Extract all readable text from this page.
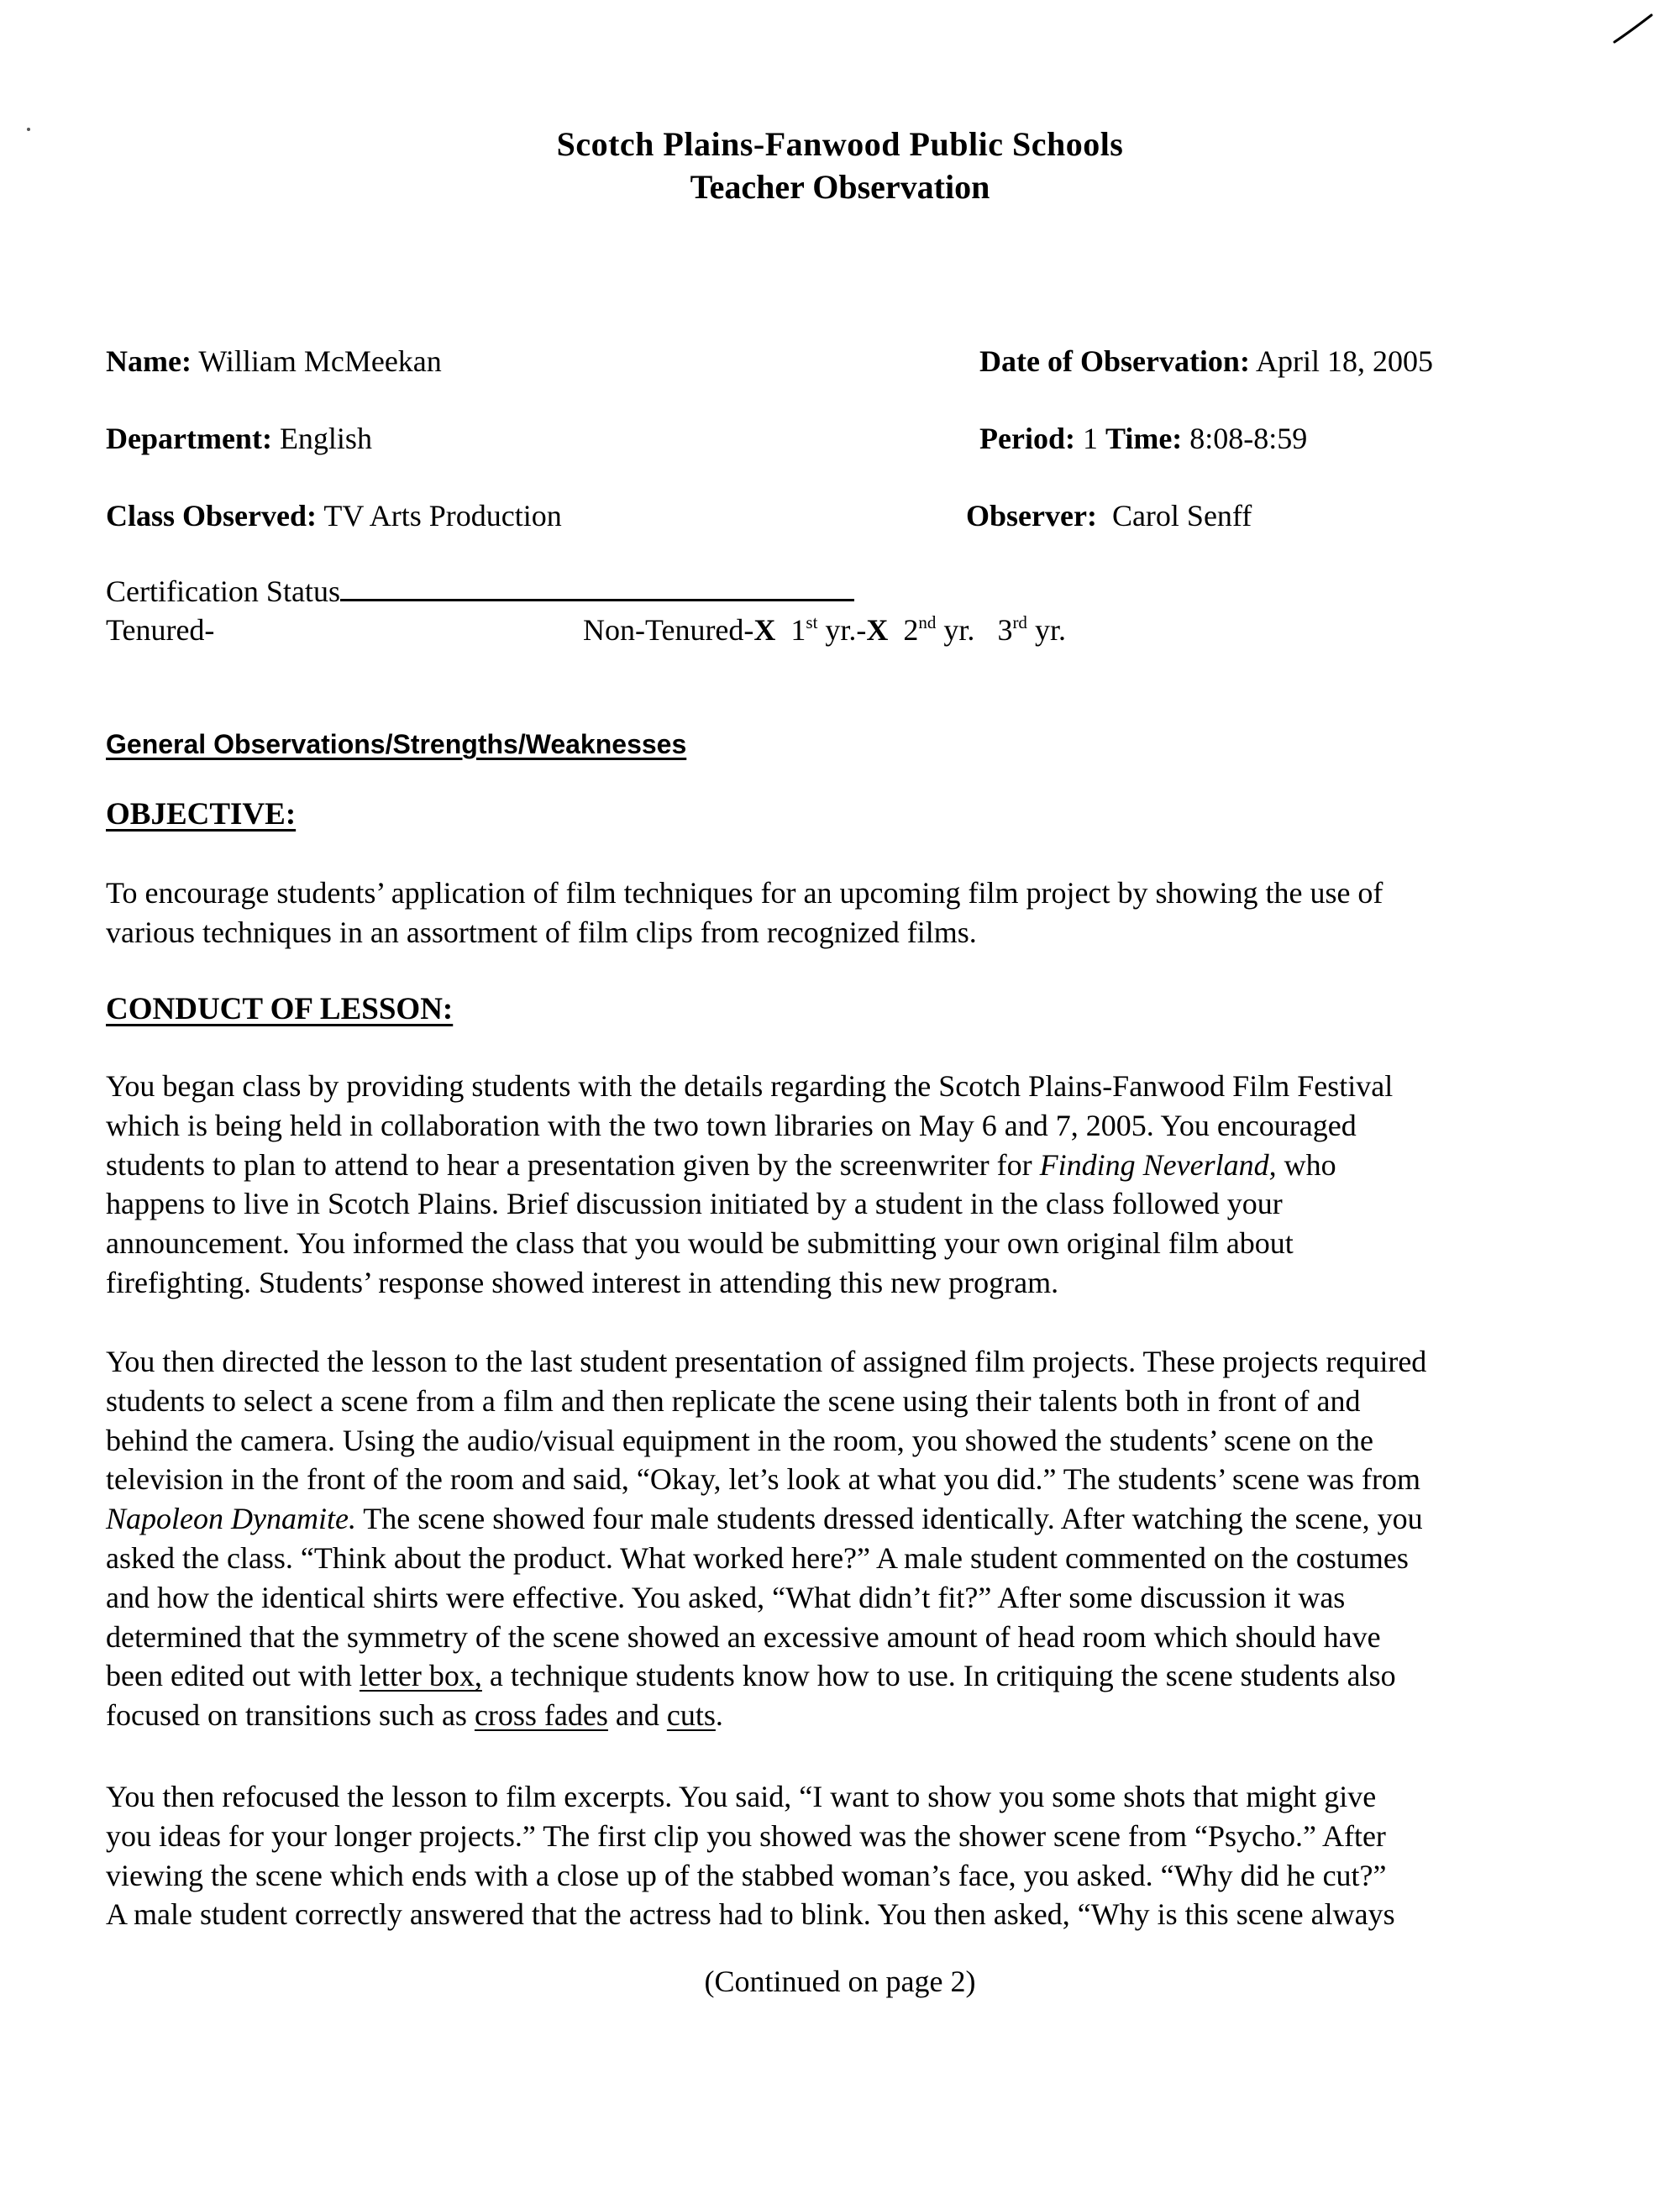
Scotch Plains-Fanwood Public Schools
Teacher Observation
Name: William McMeekan	Date of Observation: April 18, 2005
Department: English	Period: 1 Time: 8:08-8:59
Class Observed: TV Arts Production	Observer: Carol Senff
Certification Status
Tenured-	Non-Tenured-X 1st yr.-X 2nd yr. 3rd yr.
General Observations/Strengths/Weaknesses
OBJECTIVE:
To encourage students’ application of film techniques for an upcoming film project by showing the use of
various techniques in an assortment of film clips from recognized films.
CONDUCT OF LESSON:
You began class by providing students with the details regarding the Scotch Plains-Fanwood Film Festival
which is being held in collaboration with the two town libraries on May 6 and 7, 2005. You encouraged
students to plan to attend to hear a presentation given by the screenwriter for Finding Neverland, who
happens to live in Scotch Plains. Brief discussion initiated by a student in the class followed your
announcement. You informed the class that you would be submitting your own original film about
firefighting. Students’ response showed interest in attending this new program.
You then directed the lesson to the last student presentation of assigned film projects. These projects required
students to select a scene from a film and then replicate the scene using their talents both in front of and
behind the camera. Using the audio/visual equipment in the room, you showed the students’ scene on the
television in the front of the room and said, “Okay, let’s look at what you did.” The students’ scene was from
Napoleon Dynamite. The scene showed four male students dressed identically. After watching the scene, you
asked the class. “Think about the product. What worked here?” A male student commented on the costumes
and how the identical shirts were effective. You asked, “What didn’t fit?” After some discussion it was
determined that the symmetry of the scene showed an excessive amount of head room which should have
been edited out with letter box, a technique students know how to use. In critiquing the scene students also
focused on transitions such as cross fades and cuts.
You then refocused the lesson to film excerpts. You said, “I want to show you some shots that might give
you ideas for your longer projects.” The first clip you showed was the shower scene from “Psycho.” After
viewing the scene which ends with a close up of the stabbed woman’s face, you asked. “Why did he cut?”
A male student correctly answered that the actress had to blink. You then asked, “Why is this scene always
(Continued on page 2)
